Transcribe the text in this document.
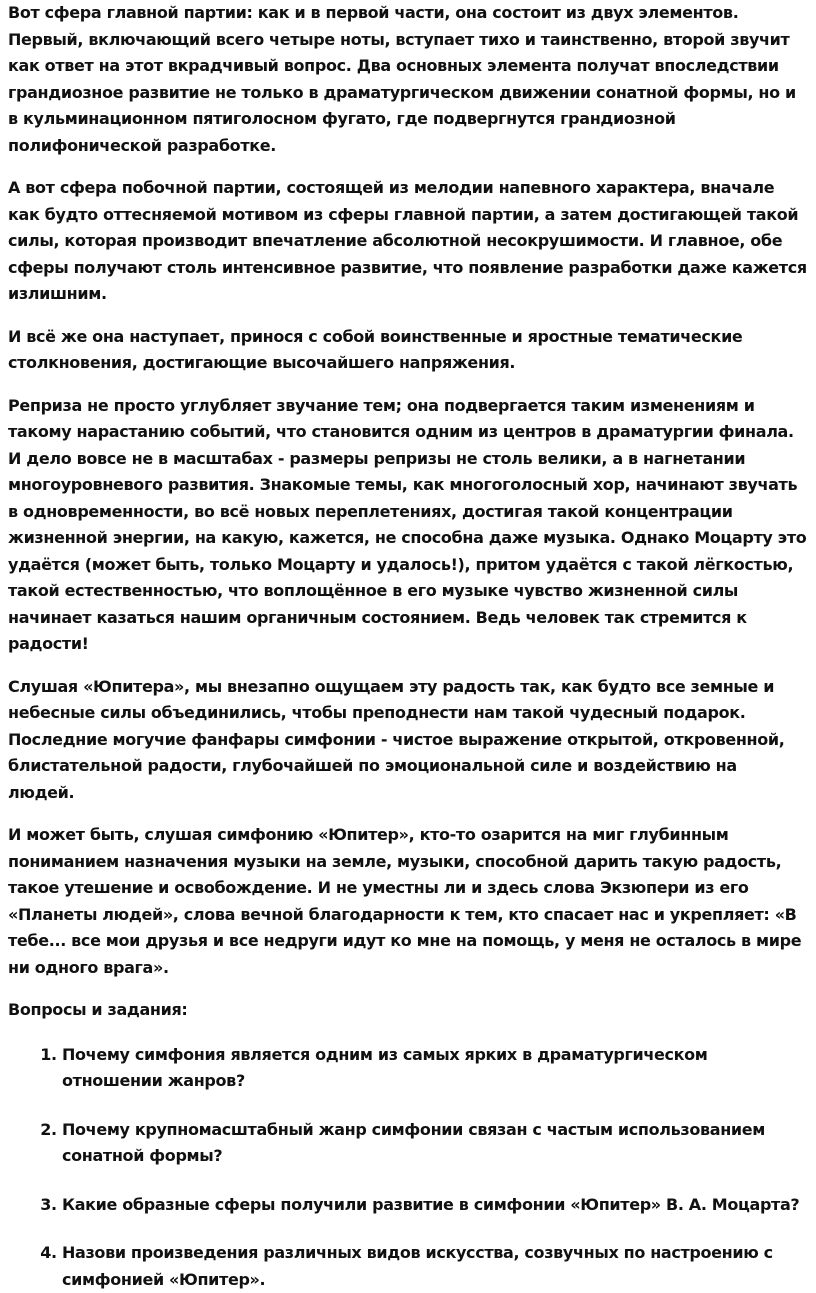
Вот сфера главной партии: как и в первой части, она состоит из двух элементов. Первый, включающий всего четыре ноты, вступает тихо и таинственно, второй звучит как ответ на этот вкрадчивый вопрос. Два основных элемента получат впоследствии грандиозное развитие не только в драматургическом движении сонатной формы, но и в кульминационном пятиголосном фугато, где подвергнутся грандиозной полифонической разработке.

А вот сфера побочной партии, состоящей из мелодии напевного характера, вначале как будто оттесняемой мотивом из сферы главной партии, а затем достигающей такой силы, которая производит впечатление абсолютной несокрушимости. И главное, обе сферы получают столь интенсивное развитие, что появление разработки даже кажется излишним.

И всё же она наступает, принося с собой воинственные и яростные тематические столкновения, достигающие высочайшего напряжения.

Реприза не просто углубляет звучание тем; она подвергается таким изменениям и такому нарастанию событий, что становится одним из центров в драматургии финала. И дело вовсе не в масштабах - размеры репризы не столь велики, а в нагнетании многоуровневого развития. Знакомые темы, как многоголосный хор, начинают звучать в одновременности, во всё новых переплетениях, достигая такой концентрации жизненной энергии, на какую, кажется, не способна даже музыка. Однако Моцарту это удаётся (может быть, только Моцарту и удалось!), притом удаётся с такой лёгкостью, такой естественностью, что воплощённое в его музыке чувство жизненной силы начинает казаться нашим органичным состоянием. Ведь человек так стремится к радости!

Слушая «Юпитера», мы внезапно ощущаем эту радость так, как будто все земные и небесные силы объединились, чтобы преподнести нам такой чудесный подарок. Последние могучие фанфары симфонии - чистое выражение открытой, откровенной, блистательной радости, глубочайшей по эмоциональной силе и воздействию на людей.

И может быть, слушая симфонию «Юпитер», кто-то озарится на миг глубинным пониманием назначения музыки на земле, музыки, способной дарить такую радость, такое утешение и освобождение. И не уместны ли и здесь слова Экзюпери из его «Планеты людей», слова вечной благодарности к тем, кто спасает нас и укрепляет: «В тебе... все мои друзья и все недруги идут ко мне на помощь, у меня не осталось в мире ни одного врага».

Вопросы и задания:

1. Почему симфония является одним из самых ярких в драматургическом отношении жанров?
2. Почему крупномасштабный жанр симфонии связан с частым использованием сонатной формы?
3. Какие образные сферы получили развитие в симфонии «Юпитер» В. А. Моцарта?
4. Назови произведения различных видов искусства, созвучных по настроению с симфонией «Юпитер».
